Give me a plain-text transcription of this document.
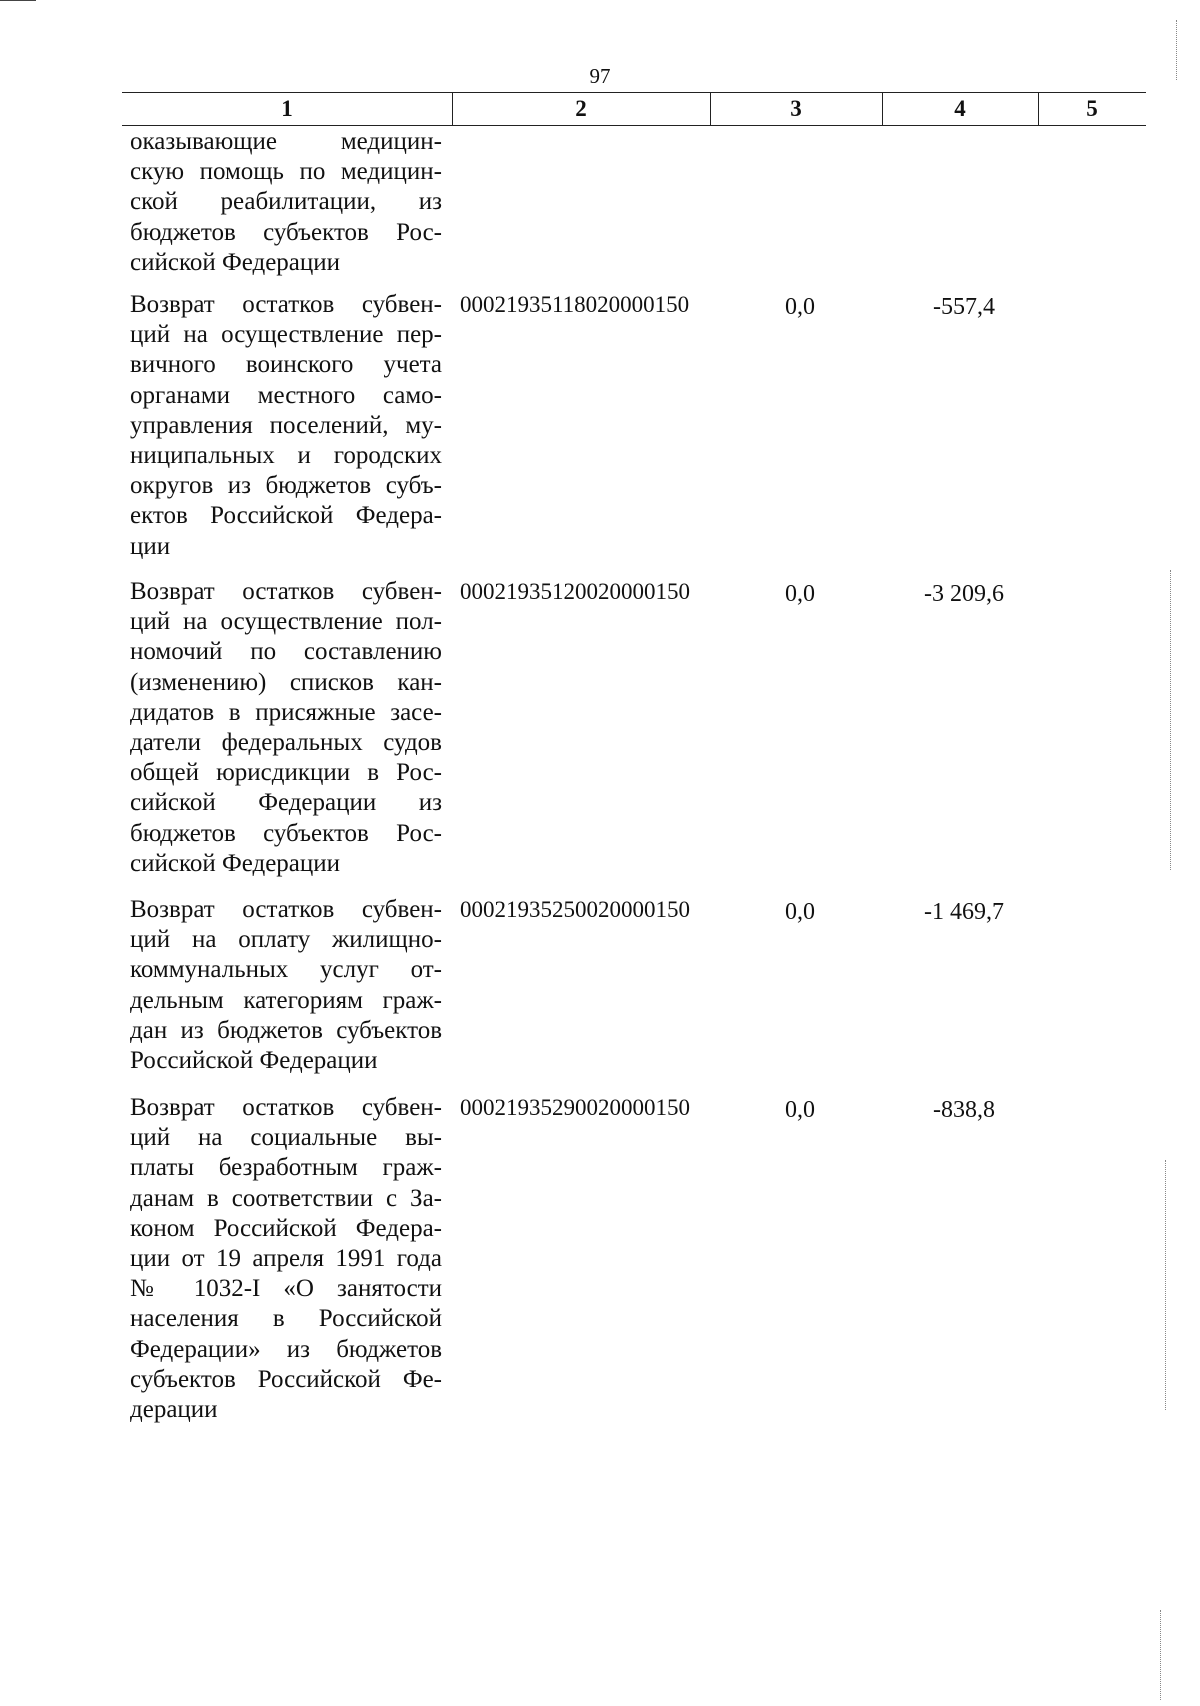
97
1	2	3	4	5
оказывающие медицин-
скую помощь по медицин-
ской реабилитации, из
бюджетов субъектов Рос-
сийской Федерации
Возврат остатков субвен-
ций на осуществление пер-
вичного воинского учета
органами местного само-
управления поселений, му-
ниципальных и городских
округов из бюджетов субъ-
ектов Российской Федера-
ции
00021935118020000150	0,0	-557,4
Возврат остатков субвен-
ций на осуществление пол-
номочий по составлению
(изменению) списков кан-
дидатов в присяжные засе-
датели федеральных судов
общей юрисдикции в Рос-
сийской Федерации из
бюджетов субъектов Рос-
сийской Федерации
00021935120020000150	0,0	-3 209,6
Возврат остатков субвен-
ций на оплату жилищно-
коммунальных услуг от-
дельным категориям граж-
дан из бюджетов субъектов
Российской Федерации
00021935250020000150	0,0	-1 469,7
Возврат остатков субвен-
ций на социальные вы-
платы безработным граж-
данам в соответствии с За-
коном Российской Федера-
ции от 19 апреля 1991 года
№ 1032-I «О занятости
населения в Российской
Федерации» из бюджетов
субъектов Российской Фе-
дерации
00021935290020000150	0,0	-838,8
